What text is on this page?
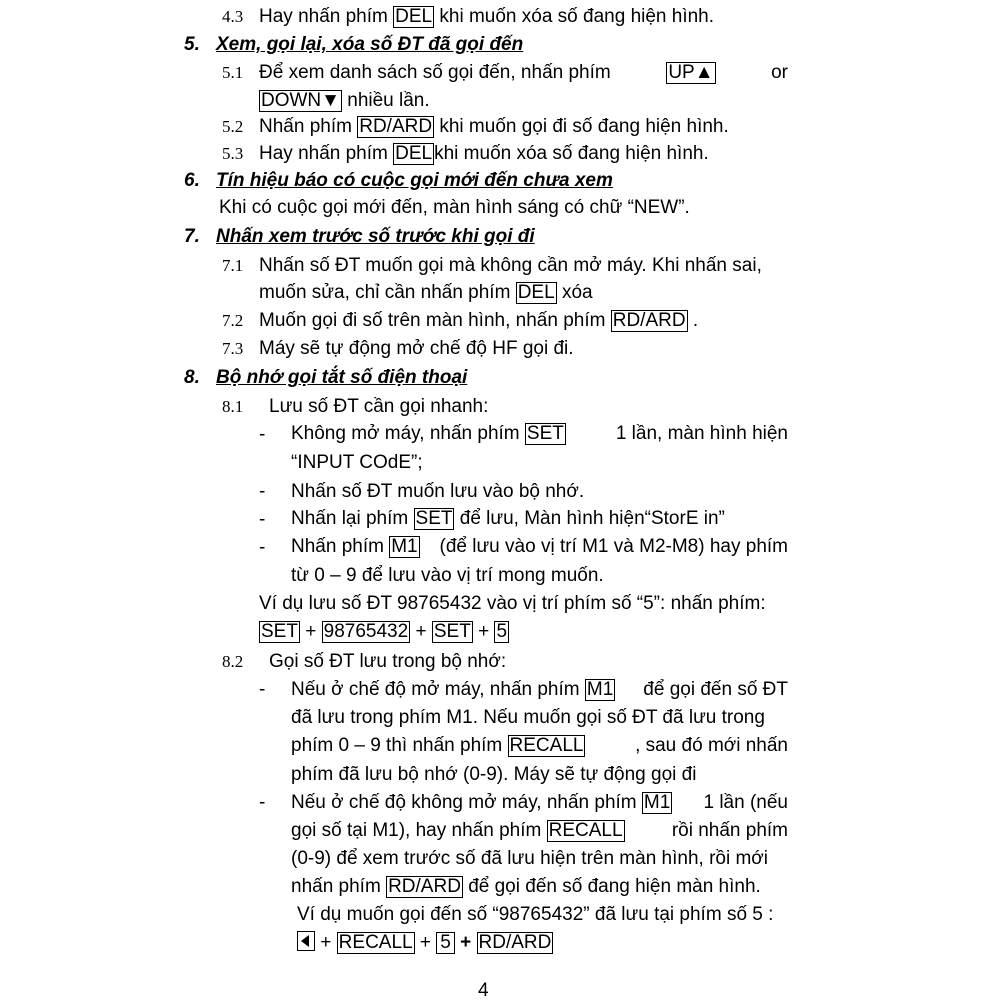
4.3 Hay nhấn phím DEL khi muốn xóa số đang hiện hình.
5. Xem, gọi lại, xóa số ĐT đã gọi đến
5.1 Để xem danh sách số gọi đến, nhấn phím	UP▲	or
DOWN▼ nhiều lần.
5.2 Nhấn phím RD/ARD khi muốn gọi đi số đang hiện hình.
5.3 Hay nhấn phím DEL khi muốn xóa số đang hiện hình.
6. Tín hiệu báo có cuộc gọi mới đến chưa xem
Khi có cuộc gọi mới đến, màn hình sáng có chữ “NEW”.
7. Nhấn xem trước số trước khi gọi đi
7.1 Nhấn số ĐT muốn gọi mà không cần mở máy. Khi nhấn sai,
muốn sửa, chỉ cần nhấn phím DEL xóa
7.2 Muốn gọi đi số trên màn hình, nhấn phím RD/ARD .
7.3 Máy sẽ tự động mở chế độ HF gọi đi.
8. Bộ nhớ gọi tắt số điện thoại
8.1 Lưu số ĐT cần gọi nhanh:
- Không mở máy, nhấn phím SET	1 lần, màn hình hiện
“INPUT COdE”;
- Nhấn số ĐT muốn lưu vào bộ nhớ.
- Nhấn lại phím SET để lưu, Màn hình hiện“StorE in”
- Nhấn phím M1 (để lưu vào vị trí M1 và M2-M8) hay phím
từ 0 – 9 để lưu vào vị trí mong muốn.
Ví dụ lưu số ĐT 98765432 vào vị trí phím số “5”: nhấn phím:
SET + 98765432 + SET + 5
8.2 Gọi số ĐT lưu trong bộ nhớ:
- Nếu ở chế độ mở máy, nhấn phím M1 để gọi đến số ĐT
đã lưu trong phím M1. Nếu muốn gọi số ĐT đã lưu trong
phím 0 – 9 thì nhấn phím RECALL	, sau đó mới nhấn
phím đã lưu bộ nhớ (0-9). Máy sẽ tự động gọi đi
- Nếu ở chế độ không mở máy, nhấn phím M1 1 lần (nếu
gọi số tại M1), hay nhấn phím RECALL	rồi nhấn phím
(0-9) để xem trước số đã lưu hiện trên màn hình, rồi mới
nhấn phím RD/ARD để gọi đến số đang hiện màn hình.
Ví dụ muốn gọi đến số “98765432” đã lưu tại phím số 5 :
+ RECALL + 5 + RD/ARD
4
